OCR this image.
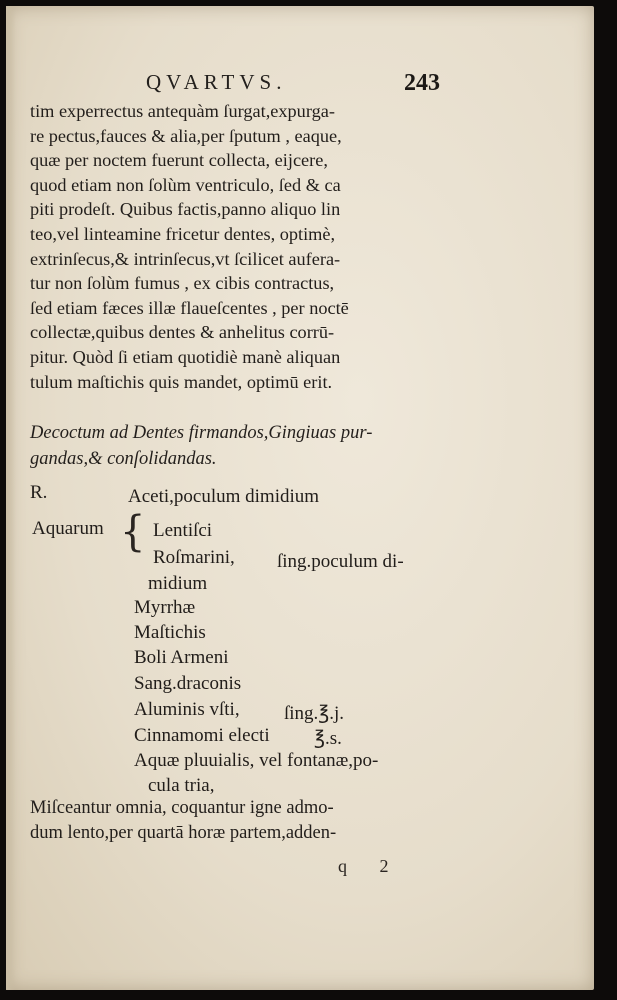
QVARTVS.	243
tim experrectus antequàm ſurgat,expurga-
re pectus,fauces & alia,per ſputum , eaque,
quæ per noctem fuerunt collecta, eijcere,
quod etiam non ſolùm ventriculo, ſed & ca
piti prodeſt. Quibus factis,panno aliquo lin
teo,vel linteamine fricetur dentes, optimè,
extrinſecus,& intrinſecus,vt ſcilicet aufera-
tur non ſolùm fumus , ex cibis contractus,
ſed etiam fæces illæ flaueſcentes , per noctē
collectæ,quibus dentes & anhelitus corrū-
pitur. Quòd ſi etiam quotidiè manè aliquan
tulum maſtichis quis mandet, optimū erit.
Decoctum ad Dentes firmandos,Gingiuas pur-
gandas,& conſolidandas.
R.	Aceti,poculum dimidium
Aquarum { Lentiſci
Roſmarini, ſing.poculum di-
midium
Myrrhæ
Maſtichis
Boli Armeni
Sang.draconis
Aluminis vſti, ſing.℥.j.
Cinnamomi electi ℥.s.
Aquæ pluuialis, vel fontanæ,po-
cula tria,
Miſceantur omnia, coquantur igne admo-
dum lento,per quartā horæ partem,adden-
q 2
